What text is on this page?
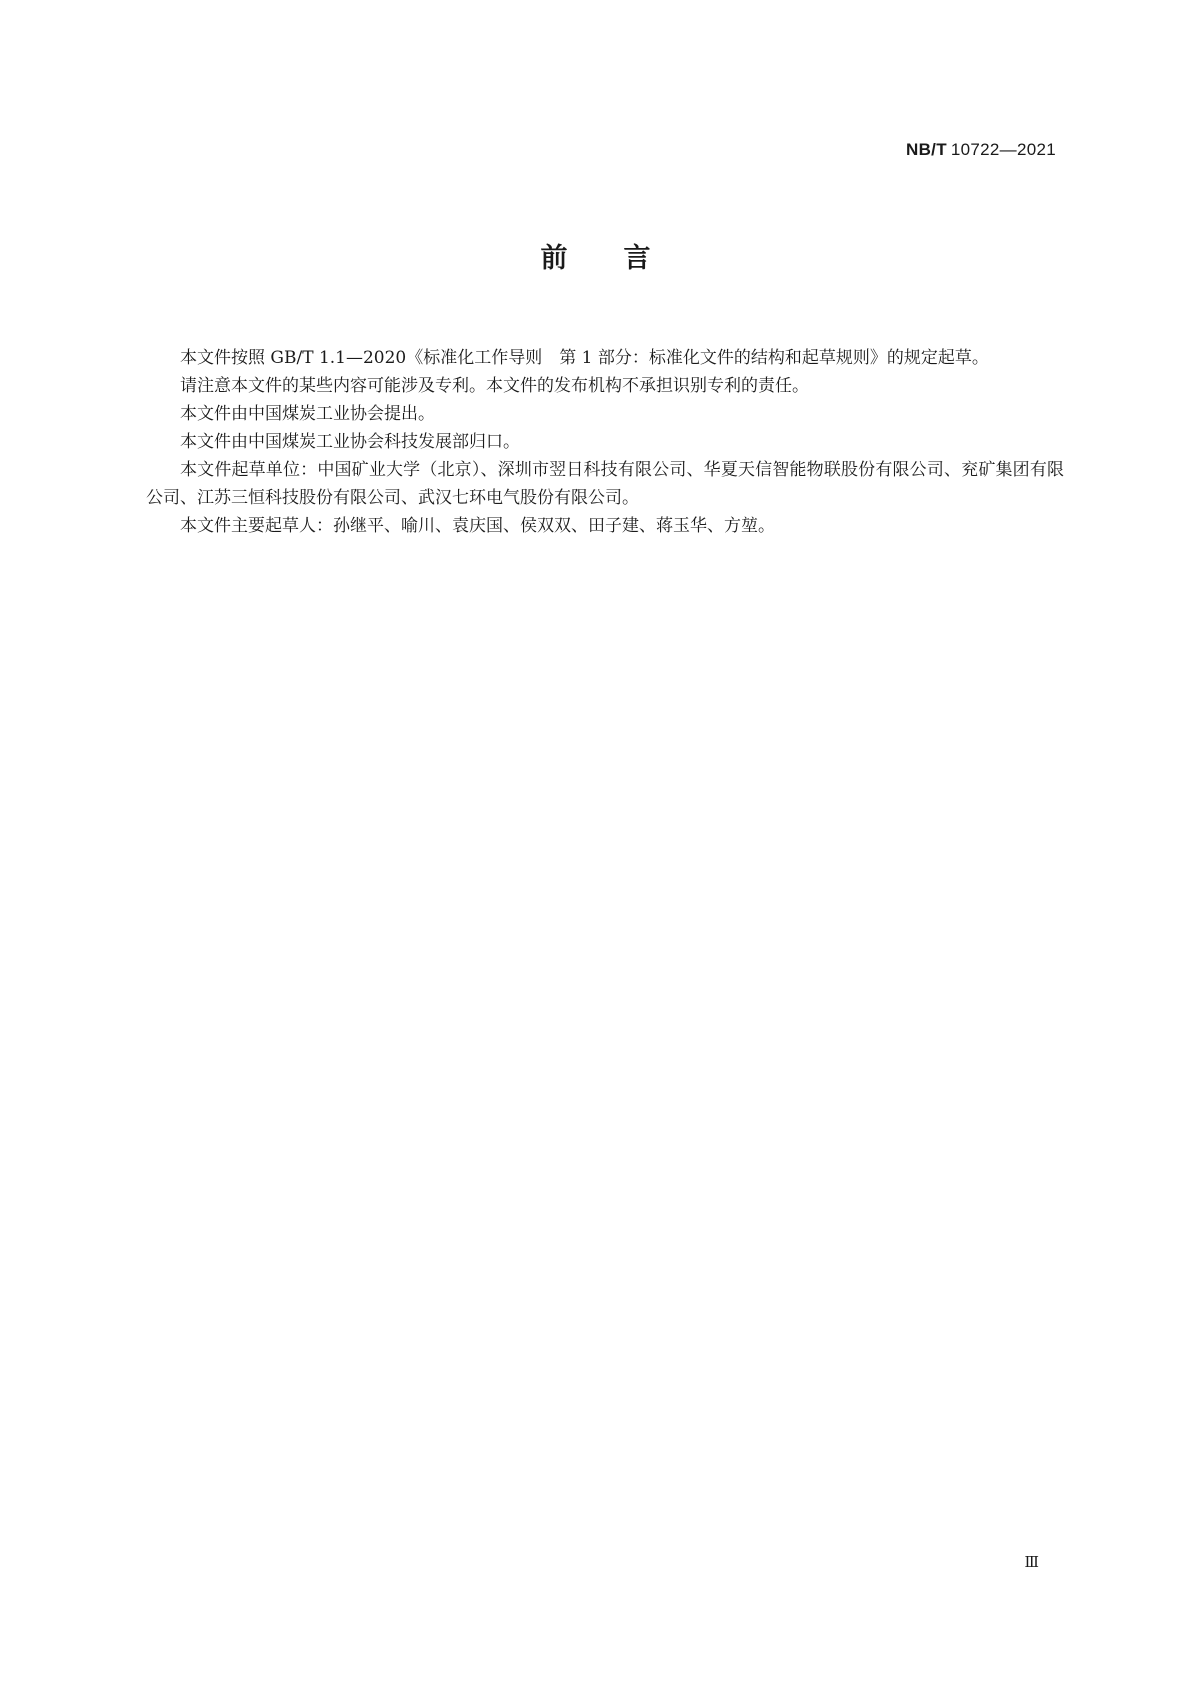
NB/T 10722—2021
前言

本文件按照 GB/T 1.1—2020《标准化工作导则　第 1 部分：标准化文件的结构和起草规则》的规定起草。

请注意本文件的某些内容可能涉及专利。本文件的发布机构不承担识别专利的责任。

本文件由中国煤炭工业协会提出。

本文件由中国煤炭工业协会科技发展部归口。

本文件起草单位：中国矿业大学（北京）、深圳市翌日科技有限公司、华夏天信智能物联股份有限公司、兖矿集团有限公司、江苏三恒科技股份有限公司、武汉七环电气股份有限公司。

本文件主要起草人：孙继平、喻川、袁庆国、侯双双、田子建、蒋玉华、方堃。

Ⅲ
